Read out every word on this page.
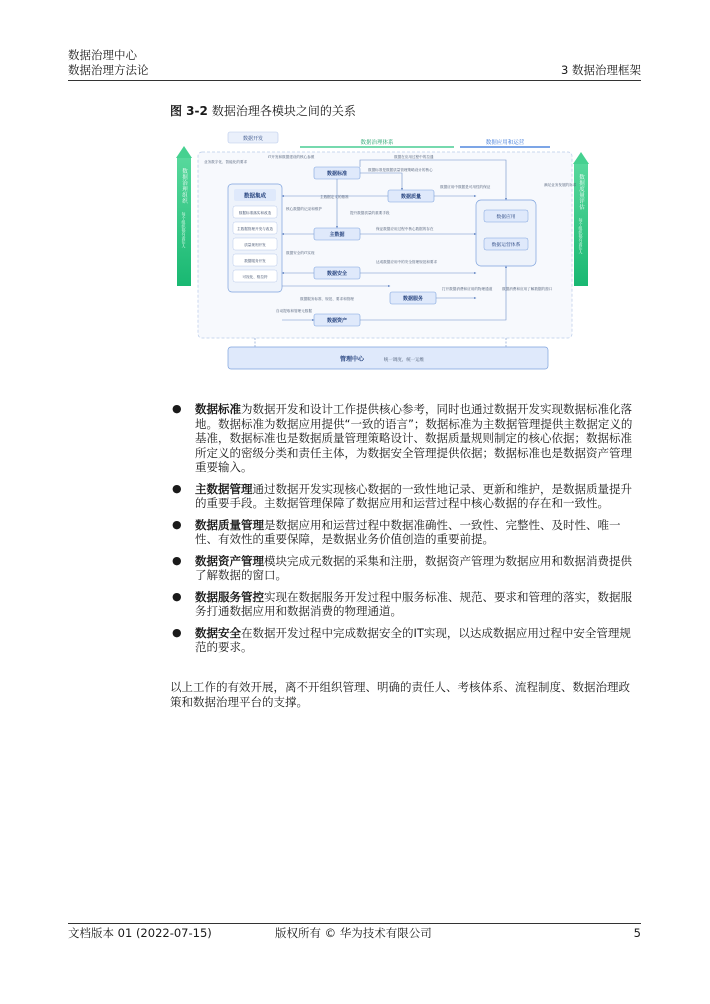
数据治理中心
数据治理方法论	3 数据治理框架
图 3-2 数据治理各模块之间的关系
数据开发
数据治理体系	数据应用和运营
数据治理组织
每个组织都有责任人
数据度量评估
每个组织都有责任人
数据集成
数据标准落实和改造
主数据管理开发与改造
质量规则开发
数据服务开发
可视化、格拉挎
数据标准
数据质量
主数据
数据安全
数据服务
数据资产
数据应用
数据运营体系
业务数字化、智能化的要求
IT开发和数据建设的核心参照	数据在应用过程中的拉通
数据标准是数据质量管理策略设计的核心
数据应用中数据是可用性的保证	满足业务发展的诉求
主数据定义的基准
核心数据的记录和维护
提升数据质量的重要手段
保证数据应用过程中核心数据的存在
数据安全的IT实现
达成数据应用中的安全管理规范和要求
数据服务标准、规范、要求和管理
打开数据消费和应用的物理通道	数据消费和应用了解数据的窗口
自动提取和管理元数据
管理中心	统一调度、统一运维
● 数据标准为数据开发和设计工作提供核心参考，同时也通过数据开发实现数据标准化落地。数据标准为数据应用提供“一致的语言”；数据标准为主数据管理提供主数据定义的基准，数据标准也是数据质量管理策略设计、数据质量规则制定的核心依据；数据标准所定义的密级分类和责任主体，为数据安全管理提供依据；数据标准也是数据资产管理重要输入。
● 主数据管理通过数据开发实现核心数据的一致性地记录、更新和维护，是数据质量提升的重要手段。主数据管理保障了数据应用和运营过程中核心数据的存在和一致性。
● 数据质量管理是数据应用和运营过程中数据准确性、一致性、完整性、及时性、唯一性、有效性的重要保障，是数据业务价值创造的重要前提。
● 数据资产管理模块完成元数据的采集和注册，数据资产管理为数据应用和数据消费提供了解数据的窗口。
● 数据服务管控实现在数据服务开发过程中服务标准、规范、要求和管理的落实，数据服务打通数据应用和数据消费的物理通道。
● 数据安全在数据开发过程中完成数据安全的IT实现，以达成数据应用过程中安全管理规范的要求。

以上工作的有效开展，离不开组织管理、明确的责任人、考核体系、流程制度、数据治理政策和数据治理平台的支撑。

文档版本 01 (2022-07-15)	版权所有 © 华为技术有限公司	5
